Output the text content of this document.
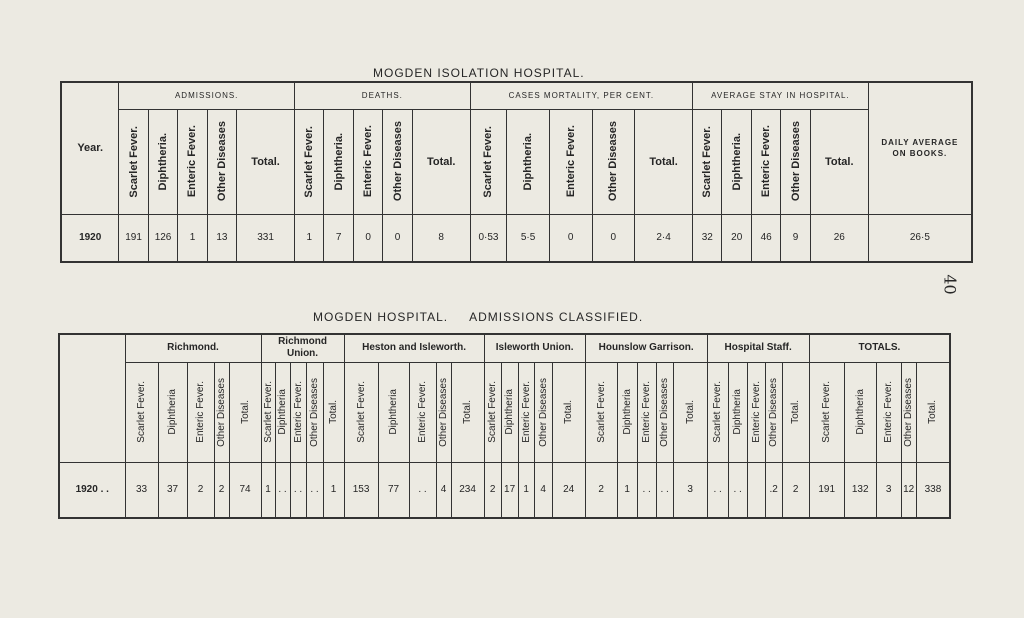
MOGDEN ISOLATION HOSPITAL.
40
MOGDEN HOSPITAL.     ADMISSIONS CLASSIFIED.
Year.	ADMISSIONS.					DEATHS.					CASES MORTALITY, PER CENT.					AVERAGE STAY IN HOSPITAL.					DAILY AVERAGE ON BOOKS.

	Scarlet Fever.	Diphtheria.	Enteric Fever.	Other Diseases	Total.	Scarlet Fever.	Diphtheria.	Enteric Fever.	Other Diseases	Total.	Scarlet Fever.	Diphtheria.	Enteric Fever.	Other Diseases	Total.	Scarlet Fever.	Diphtheria.	Enteric Fever.	Other Diseases	Total.	
1920	191	126	1	13	331	1	7	0	0	8	0·53	5·5	0	0	2·4	32	20	46	9	26	26·5
	Richmond.					Richmond Union.					Heston and Isleworth.					Isleworth Union.					Hounslow Garrison.					Hospital Staff.					TOTALS.				

	Scarlet Fever.	Diphtheria	Enteric Fever.	Other Diseases	Total.	Scarlet Fever.	Diphtheria	Enteric Fever.	Other Diseases	Total.	Scarlet Fever.	Diphtheria	Enteric Fever.	Other Diseases	Total.	Scarlet Fever.	Diphtheria	Enteric Fever.	Other Diseases	Total.	Scarlet Fever.	Diphtheria	Enteric Fever.	Other Diseases	Total.	Scarlet Fever.	Diphtheria	Enteric Fever.	Other Diseases	Total.	Scarlet Fever.	Diphtheria	Enteric Fever.	Other Diseases	Total.

1920 . .	33	37	2	2	74	1	. .	. .	. .	1	153	77	. .	4	234	2	17	1	4	24	2	1	. .	. .	3	. .	. .		.2	2	191	132	3	12	338
